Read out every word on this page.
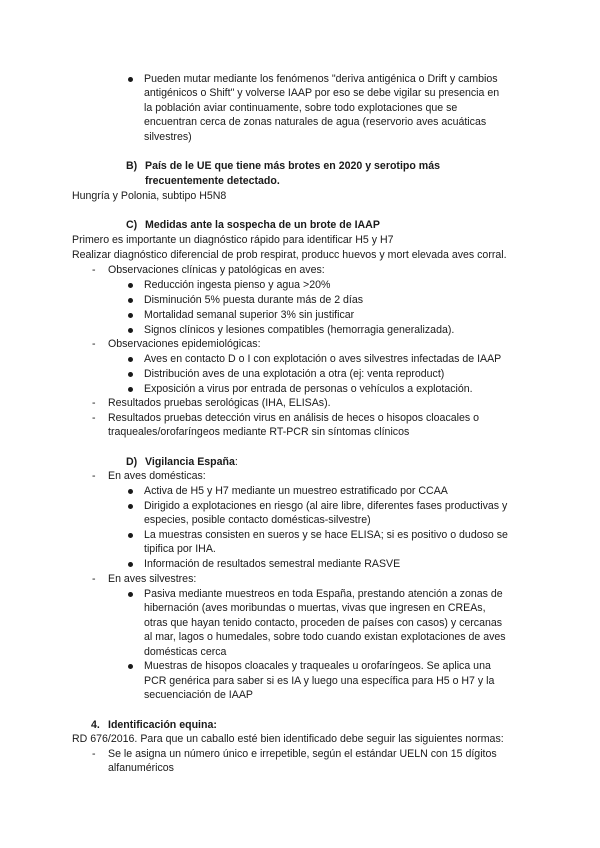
Pueden mutar mediante los fenómenos "deriva antigénica o Drift y cambios
antigénicos o Shift" y volverse IAAP por eso se debe vigilar su presencia en
la población aviar continuamente, sobre todo explotaciones que se
encuentran cerca de zonas naturales de agua (reservorio aves acuáticas
silvestres)
B) País de le UE que tiene más brotes en 2020 y serotipo más
frecuentemente detectado.
Hungría y Polonia, subtipo H5N8
C) Medidas ante la sospecha de un brote de IAAP
Primero es importante un diagnóstico rápido para identificar H5 y H7
Realizar diagnóstico diferencial de prob respirat, producc huevos y mort elevada aves corral.
- Observaciones clínicas y patológicas en aves:
Reducción ingesta pienso y agua >20%
Disminución 5% puesta durante más de 2 días
Mortalidad semanal superior 3% sin justificar
Signos clínicos y lesiones compatibles (hemorragia generalizada).
- Observaciones epidemiológicas:
Aves en contacto D o I con explotación o aves silvestres infectadas de IAAP
Distribución aves de una explotación a otra (ej: venta reproduct)
Exposición a virus por entrada de personas o vehículos a explotación.
- Resultados pruebas serológicas (IHA, ELISAs).
- Resultados pruebas detección virus en análisis de heces o hisopos cloacales o
traqueales/orofaríngeos mediante RT-PCR sin síntomas clínicos
D) Vigilancia España:
- En aves domésticas:
Activa de H5 y H7 mediante un muestreo estratificado por CCAA
Dirigido a explotaciones en riesgo (al aire libre, diferentes fases productivas y
especies, posible contacto domésticas-silvestre)
La muestras consisten en sueros y se hace ELISA; si es positivo o dudoso se
tipifica por IHA.
Información de resultados semestral mediante RASVE
- En aves silvestres:
Pasiva mediante muestreos en toda España, prestando atención a zonas de
hibernación (aves moribundas o muertas, vivas que ingresen en CREAs,
otras que hayan tenido contacto, proceden de países con casos) y cercanas
al mar, lagos o humedales, sobre todo cuando existan explotaciones de aves
domésticas cerca
Muestras de hisopos cloacales y traqueales u orofaríngeos. Se aplica una
PCR genérica para saber si es IA y luego una específica para H5 o H7 y la
secuenciación de IAAP
4. Identificación equina:
RD 676/2016. Para que un caballo esté bien identificado debe seguir las siguientes normas:
- Se le asigna un número único e irrepetible, según el estándar UELN con 15 dígitos
alfanuméricos
